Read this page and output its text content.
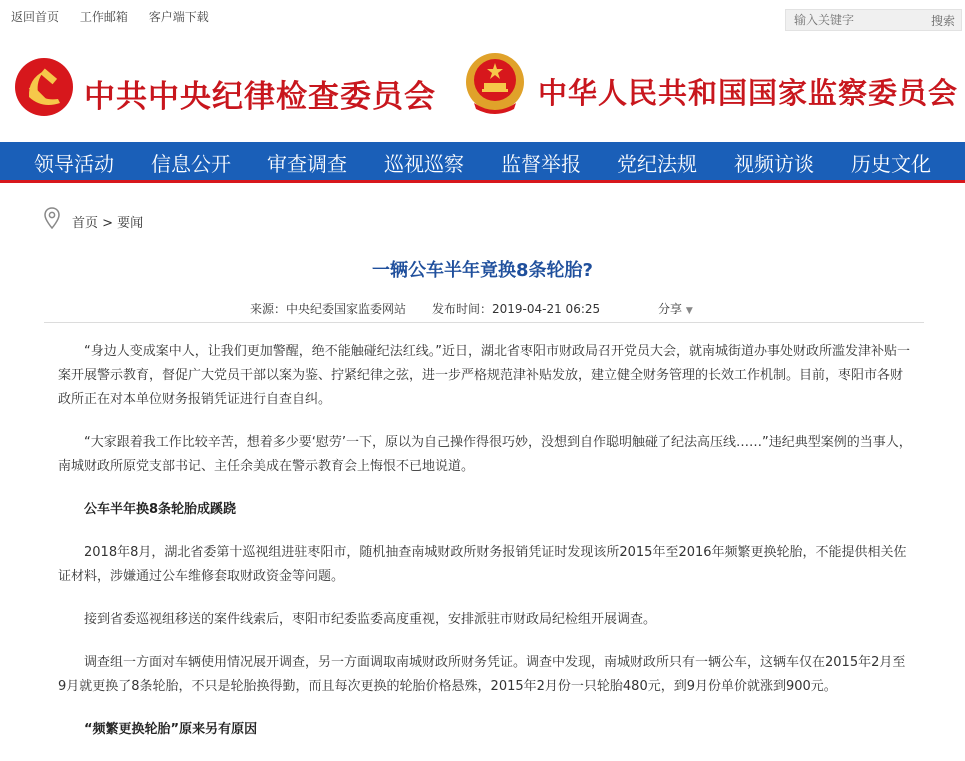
返回首页 工作邮箱 客户端下载
输入关键字	搜索
中共中央纪律检查委员会	中华人民共和国国家监察委员会
领导活动 信息公开 审查调查 巡视巡察 监督举报 党纪法规 视频访谈 历史文化
首页 > 要闻
一辆公车半年竟换8条轮胎?
来源：中央纪委国家监委网站 发布时间：2019-04-21 06:25	分享 ▼

“身边人变成案中人，让我们更加警醒，绝不能触碰纪法红线。”近日，湖北省枣阳市财政局召开党员大会，就南城街道办事处财政所滥发津补贴一案开展警示教育，督促广大党员干部以案为鉴、拧紧纪律之弦，进一步严格规范津补贴发放，建立健全财务管理的长效工作机制。目前，枣阳市各财政所正在对本单位财务报销凭证进行自查自纠。

“大家跟着我工作比较辛苦，想着多少要‘慰劳’一下，原以为自己操作得很巧妙，没想到自作聪明触碰了纪法高压线……”违纪典型案例的当事人，南城财政所原党支部书记、主任余美成在警示教育会上悔恨不已地说道。

公车半年换8条轮胎成蹊跷

2018年8月，湖北省委第十巡视组进驻枣阳市，随机抽查南城财政所财务报销凭证时发现该所2015年至2016年频繁更换轮胎，不能提供相关佐证材料，涉嫌通过公车维修套取财政资金等问题。

接到省委巡视组移送的案件线索后，枣阳市纪委监委高度重视，安排派驻市财政局纪检组开展调查。

调查组一方面对车辆使用情况展开调查，另一方面调取南城财政所财务凭证。调查中发现，南城财政所只有一辆公车，这辆车仅在2015年2月至9月就更换了8条轮胎，不只是轮胎换得勤，而且每次更换的轮胎价格悬殊，2015年2月份一只轮胎480元，到9月份单价就涨到900元。

“频繁更换轮胎”原来另有原因
